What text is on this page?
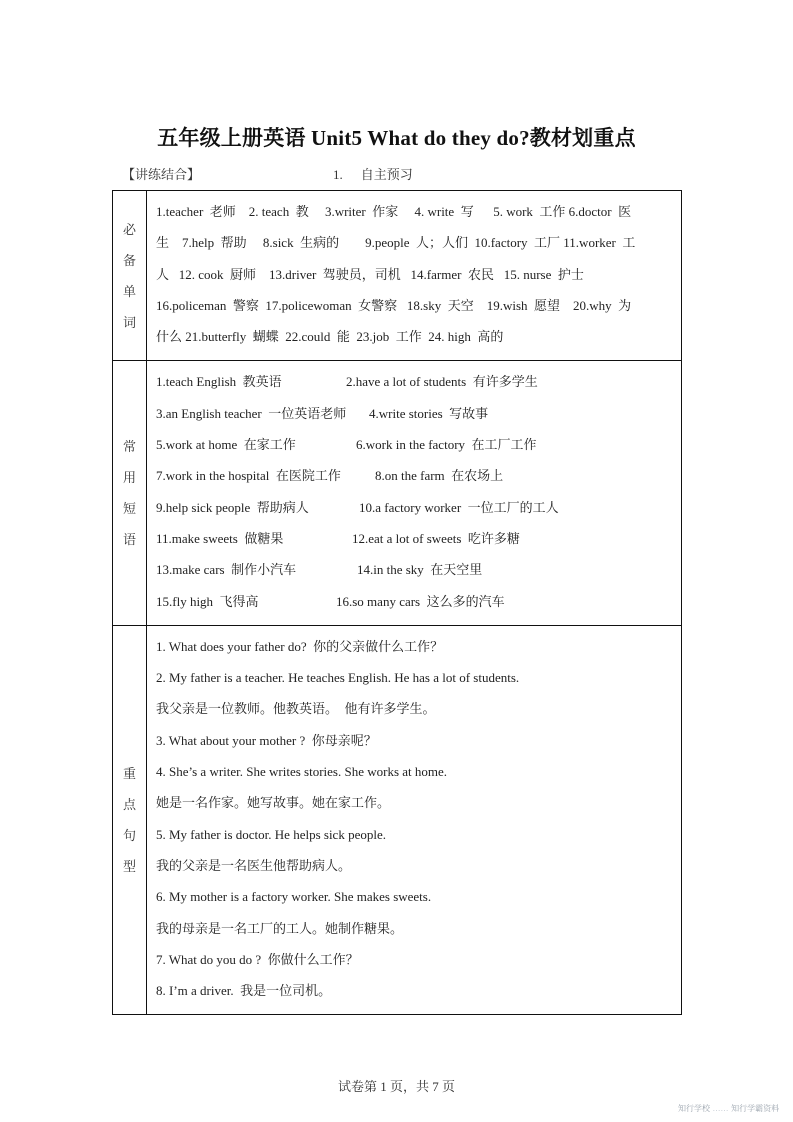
五年级上册英语 Unit5 What do they do?教材划重点
【讲练结合】	1. 自主预习
必
备
单
词

1.teacher  老师    2. teach  教     3.writer  作家     4. write  写      5. work  工作 6.doctor  医
生    7.help  帮助     8.sick  生病的        9.people  人；人们  10.factory  工厂 11.worker  工
人   12. cook  厨师    13.driver  驾驶员，司机   14.farmer  农民   15. nurse  护士
16.policeman  警察  17.policewoman  女警察   18.sky  天空    19.wish  愿望    20.why  为
什么 21.butterfly  蝴蝶  22.could  能  23.job  工作  24. high  高的

常
用
短
语

1.teach English  教英语	2.have a lot of students  有许多学生
3.an English teacher  一位英语老师 4.write stories  写故事
5.work at home  在家工作	6.work in the factory  在工厂工作
7.work in the hospital  在医院工作	8.on the farm  在农场上
9.help sick people  帮助病人	10.a factory worker  一位工厂的工人
11.make sweets  做糖果	12.eat a lot of sweets  吃许多糖
13.make cars  制作小汽车	14.in the sky  在天空里
15.fly high  飞得高	16.so many cars  这么多的汽车

重
点
句
型

1. What does your father do?  你的父亲做什么工作？
2. My father is a teacher. He teaches English. He has a lot of students.
我父亲是一位教师。他教英语。  他有许多学生。
3. What about your mother ?  你母亲呢？
4. She’s a writer. She writes stories. She works at home.
她是一名作家。她写故事。她在家工作。
5. My father is doctor. He helps sick people.
我的父亲是一名医生他帮助病人。
6. My mother is a factory worker. She makes sweets.
我的母亲是一名工厂的工人。她制作糖果。
7. What do you do ?  你做什么工作？
8. I’m a driver.  我是一位司机。
试卷第 1 页，共 7 页
知行学校 …… 知行学霸资料
